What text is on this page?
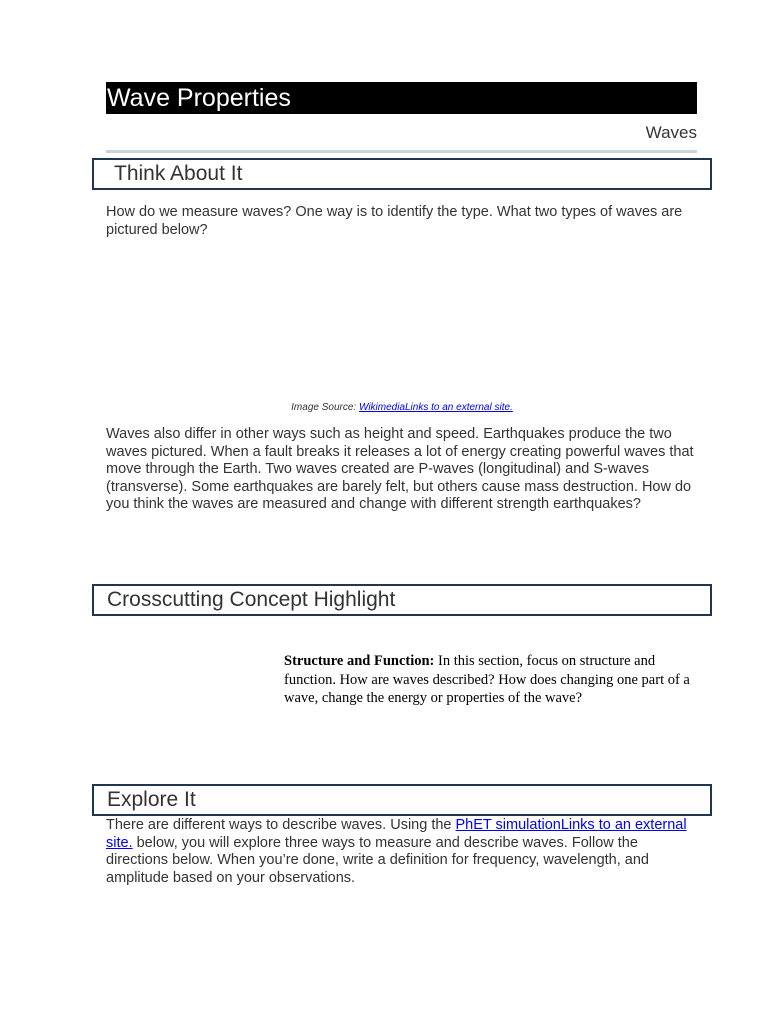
Wave Properties
Waves
Think About It
How do we measure waves? One way is to identify the type. What two types of waves are pictured below?
Image Source: WikimediaLinks to an external site.
Waves also differ in other ways such as height and speed. Earthquakes produce the two waves pictured. When a fault breaks it releases a lot of energy creating powerful waves that move through the Earth. Two waves created are P-waves (longitudinal) and S-waves (transverse). Some earthquakes are barely felt, but others cause mass destruction. How do you think the waves are measured and change with different strength earthquakes?
Crosscutting Concept Highlight
Structure and Function: In this section, focus on structure and function. How are waves described? How does changing one part of a wave, change the energy or properties of the wave?
Explore It
There are different ways to describe waves. Using the PhET simulationLinks to an external site. below, you will explore three ways to measure and describe waves. Follow the directions below. When you’re done, write a definition for frequency, wavelength, and amplitude based on your observations.
